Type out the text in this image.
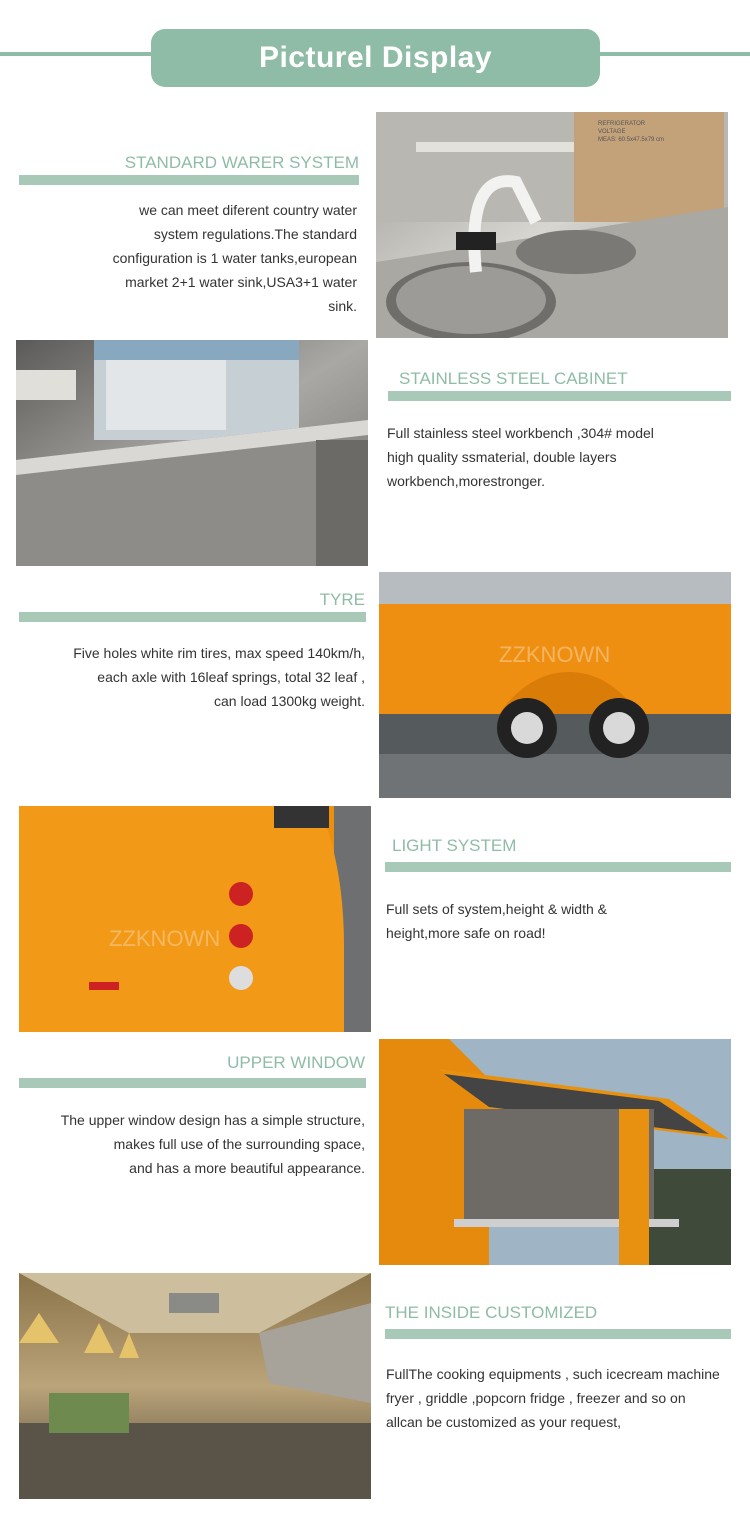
Picturel Display
STANDARD WARER SYSTEM
we can meet diferent country water
system regulations.The standard
configuration is 1 water tanks,european
market 2+1 water sink,USA3+1 water
sink.
REFRIGERATOR
VOLTAGE
MEAS: 60.5x47.5x79 cm
STAINLESS STEEL CABINET
Full stainless steel workbench ,304# model
high quality ssmaterial, double layers
workbench,morestronger.
TYRE
Five holes white rim tires, max speed 140km/h,
each axle with 16leaf springs, total 32 leaf ,
can load 1300kg weight.
ZZKNOWN
ZZKNOWN
LIGHT SYSTEM
Full sets of system,height & width &
height,more safe on road!
UPPER WINDOW
The upper window design has a simple structure,
makes full use of the surrounding space,
and has a more beautiful appearance.
THE INSIDE CUSTOMIZED
FullThe cooking equipments , such icecream machine
fryer , griddle ,popcorn fridge , freezer and so on
allcan be customized as your request,
